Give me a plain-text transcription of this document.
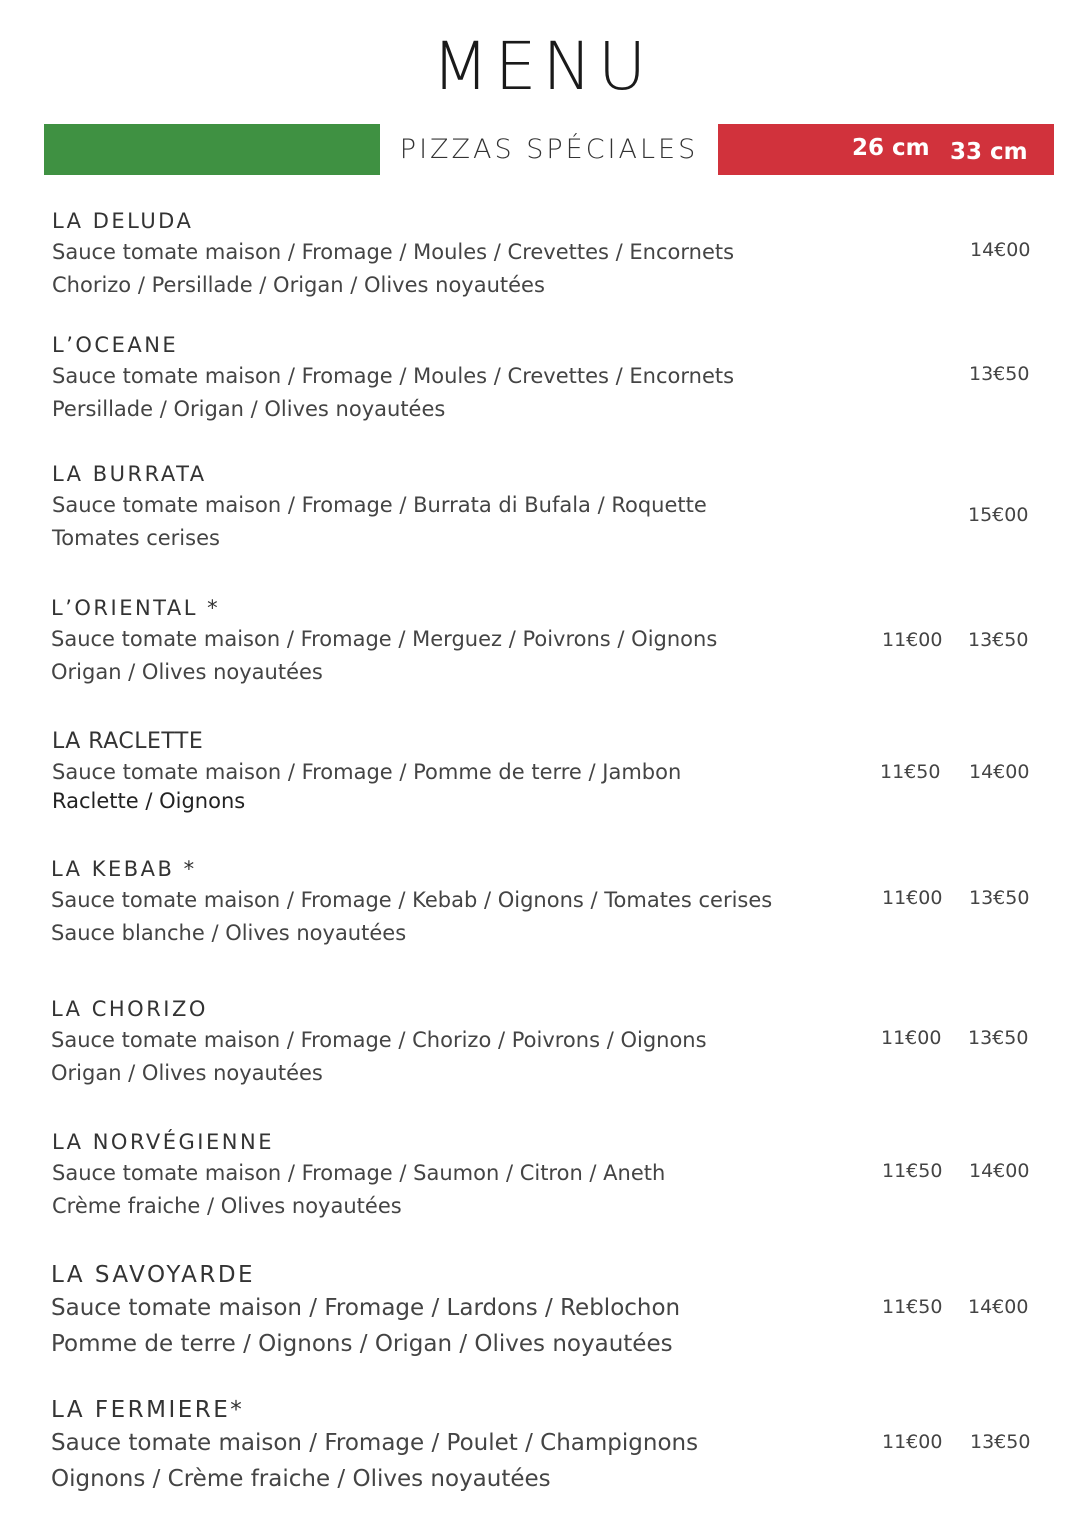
MENU
PIZZAS SPÉCIALES	26 cm 33 cm
LA DELUDA
Sauce tomate maison / Fromage / Moules / Crevettes / Encornets
Chorizo / Persillade / Origan / Olives noyautées
14€00
L’OCEANE
Sauce tomate maison / Fromage / Moules / Crevettes / Encornets
Persillade / Origan / Olives noyautées
13€50
LA BURRATA
Sauce tomate maison / Fromage / Burrata di Bufala / Roquette
Tomates cerises
15€00
L’ORIENTAL *
Sauce tomate maison / Fromage / Merguez / Poivrons / Oignons
Origan / Olives noyautées
11€00 13€50
LA RACLETTE
Sauce tomate maison / Fromage / Pomme de terre / Jambon
Raclette / Oignons
11€50 14€00
LA KEBAB *
Sauce tomate maison / Fromage / Kebab / Oignons / Tomates cerises
Sauce blanche / Olives noyautées
11€00 13€50
LA CHORIZO
Sauce tomate maison / Fromage / Chorizo / Poivrons / Oignons
Origan / Olives noyautées
11€00 13€50
LA NORVÉGIENNE
Sauce tomate maison / Fromage / Saumon / Citron / Aneth
Crème fraiche / Olives noyautées
11€50 14€00
LA SAVOYARDE
Sauce tomate maison / Fromage / Lardons / Reblochon
Pomme de terre / Oignons / Origan / Olives noyautées
11€50 14€00
LA FERMIERE*
Sauce tomate maison / Fromage / Poulet / Champignons
Oignons / Crème fraiche / Olives noyautées
11€00 13€50
